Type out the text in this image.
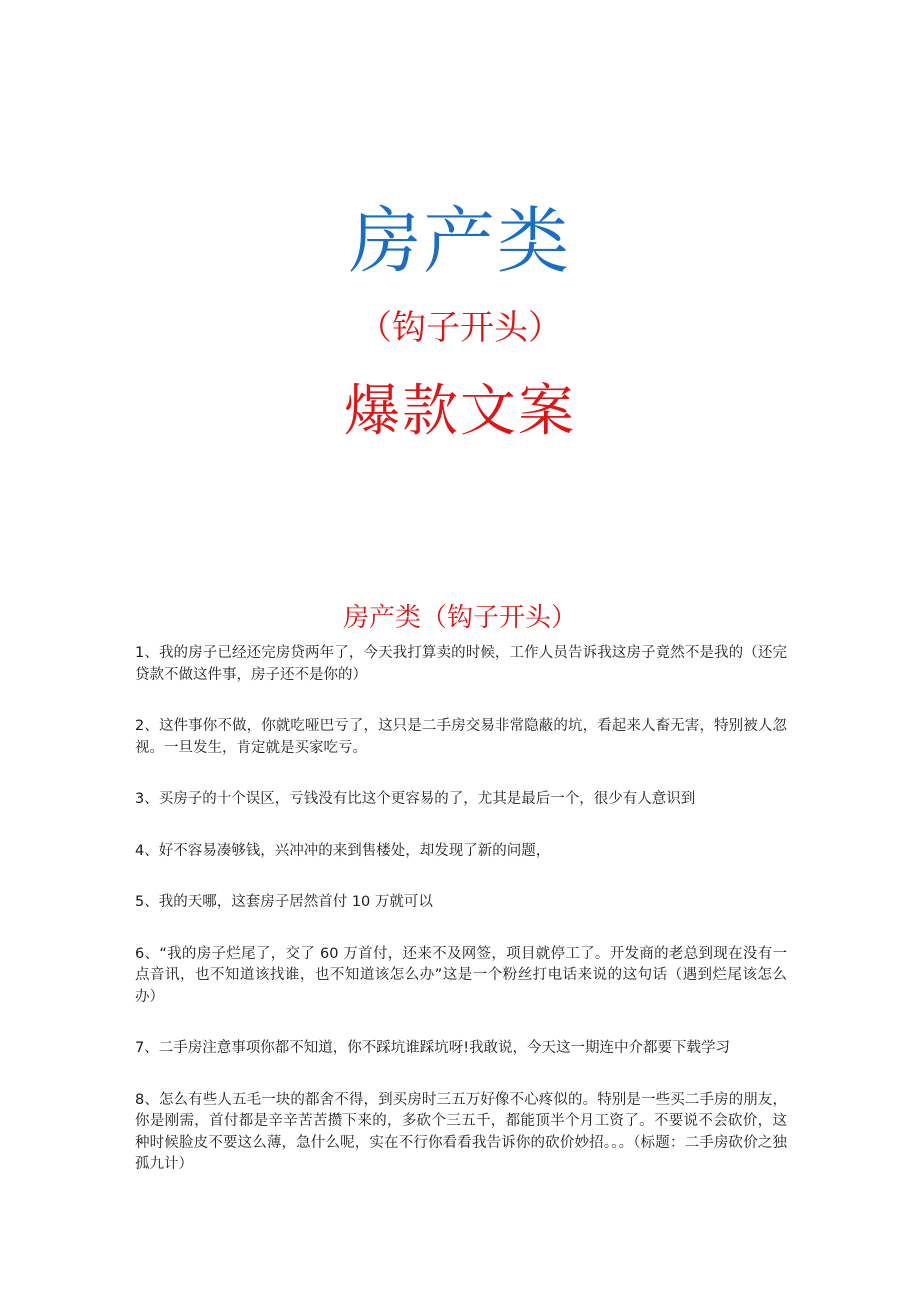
房产类
（钩子开头）
爆款文案
房产类（钩子开头）
1、我的房子已经还完房贷两年了，今天我打算卖的时候，工作人员告诉我这房子竟然不是我的（还完贷款不做这件事，房子还不是你的）
2、这件事你不做，你就吃哑巴亏了，这只是二手房交易非常隐蔽的坑，看起来人畜无害，特别被人忽视。一旦发生，肯定就是买家吃亏。
3、买房子的十个误区，亏钱没有比这个更容易的了，尤其是最后一个，很少有人意识到
4、好不容易凑够钱，兴冲冲的来到售楼处，却发现了新的问题，
5、我的天哪，这套房子居然首付 10 万就可以
6、“我的房子烂尾了，交了 60 万首付，还来不及网签，项目就停工了。开发商的老总到现在没有一点音讯，也不知道该找谁，也不知道该怎么办”这是一个粉丝打电话来说的这句话（遇到烂尾该怎么办）
7、二手房注意事项你都不知道，你不踩坑谁踩坑呀!我敢说，今天这一期连中介都要下载学习
8、怎么有些人五毛一块的都舍不得，到买房时三五万好像不心疼似的。特别是一些买二手房的朋友，你是刚需，首付都是辛辛苦苦攒下来的，多砍个三五千，都能顶半个月工资了。不要说不会砍价，这种时候脸皮不要这么薄，急什么呢，实在不行你看看我告诉你的砍价妙招。。。（标题：二手房砍价之独孤九计）
